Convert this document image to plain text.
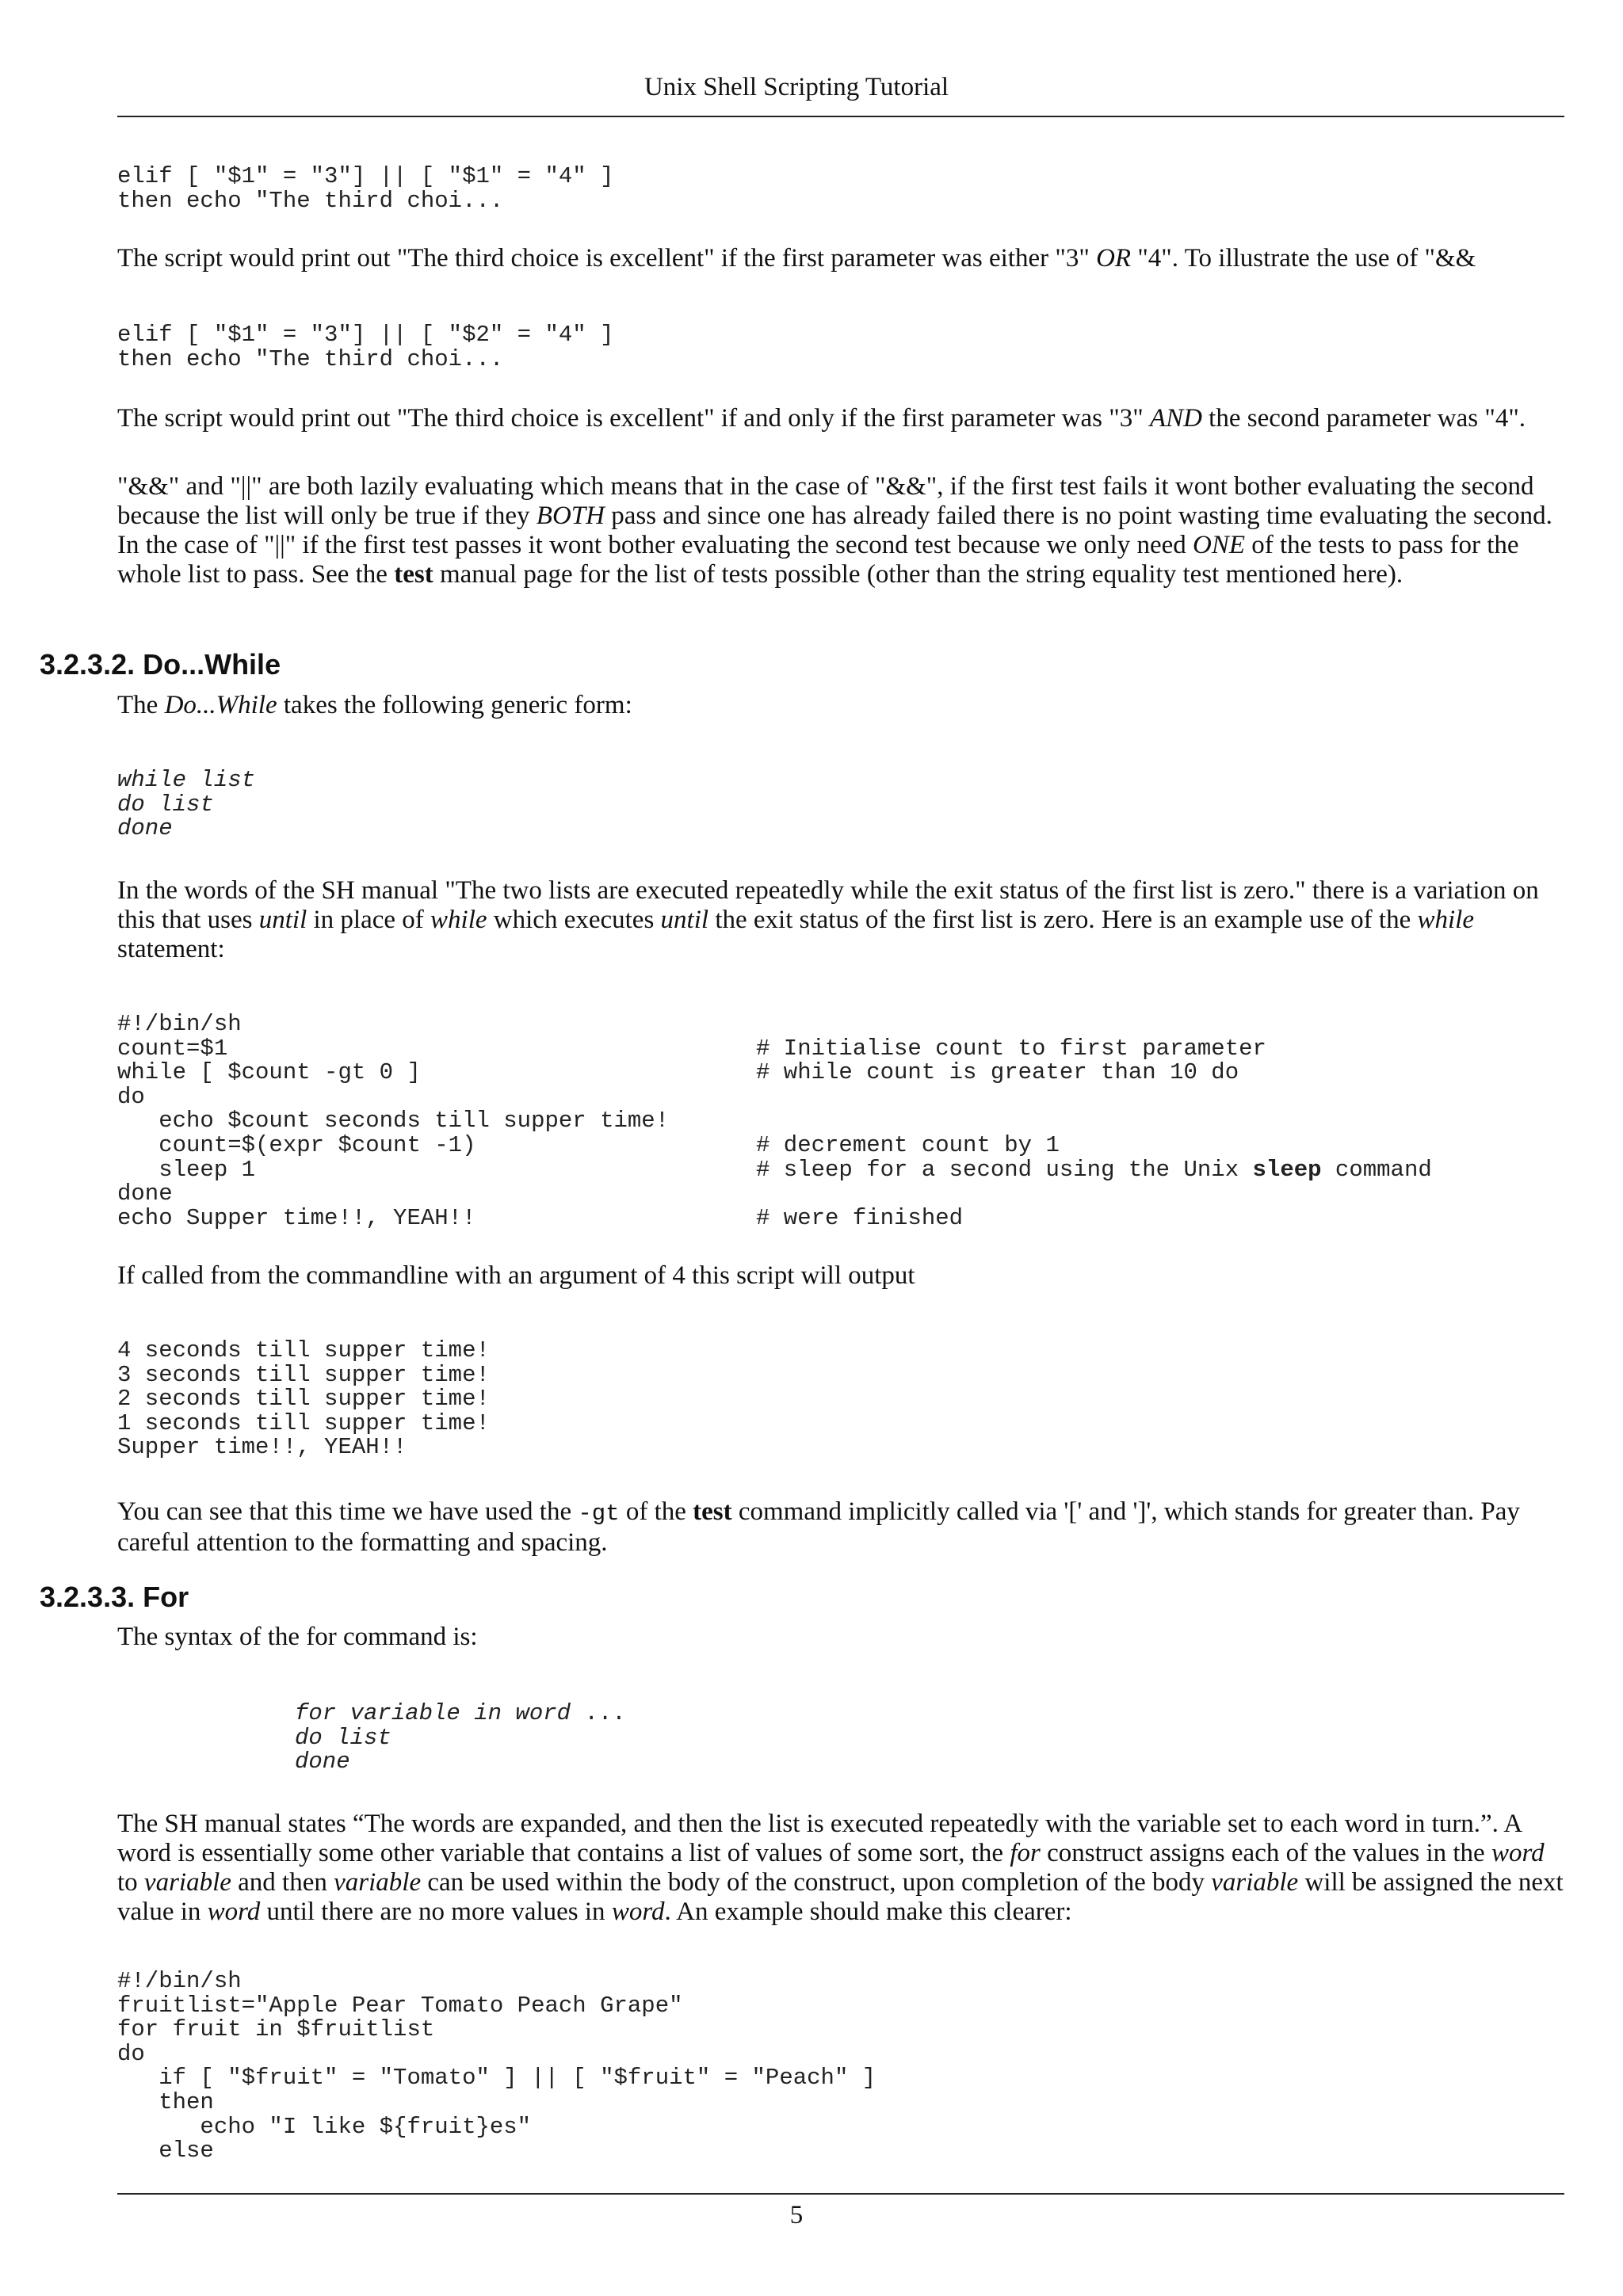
Unix Shell Scripting Tutorial
elif [ "$1" = "3"] || [ "$1" = "4" ]
then echo "The third choi...
The script would print out "The third choice is excellent" if the first parameter was either "3" OR "4". To illustrate the use of "&&
elif [ "$1" = "3"] || [ "$2" = "4" ]
then echo "The third choi...
The script would print out "The third choice is excellent" if and only if the first parameter was "3" AND the second parameter was "4".
"&&" and "||" are both lazily evaluating which means that in the case of "&&", if the first test fails it wont bother evaluating the second because the list will only be true if they BOTH pass and since one has already failed there is no point wasting time evaluating the second. In the case of "||" if the first test passes it wont bother evaluating the second test because we only need ONE of the tests to pass for the whole list to pass. See the test manual page for the list of tests possible (other than the string equality test mentioned here).
3.2.3.2. Do...While
The Do...While takes the following generic form:
while list
do list
done
In the words of the SH manual "The two lists are executed repeatedly while the exit status of the first list is zero." there is a variation on this that uses until in place of while which executes until the exit status of the first list is zero. Here is an example use of the while statement:
#!/bin/sh
count=$1	# Initialise count to first parameter
while [ $count -gt 0 ]	# while count is greater than 10 do
do
echo $count seconds till supper time!
count=$(expr $count -1)	# decrement count by 1
sleep 1	# sleep for a second using the Unix sleep command
done
echo Supper time!!, YEAH!!	# were finished
If called from the commandline with an argument of 4 this script will output
4 seconds till supper time!
3 seconds till supper time!
2 seconds till supper time!
1 seconds till supper time!
Supper time!!, YEAH!!
You can see that this time we have used the -gt of the test command implicitly called via '[' and ']', which stands for greater than. Pay careful attention to the formatting and spacing.
3.2.3.3. For
The syntax of the for command is:
for variable in word ...
do list
done
The SH manual states “The words are expanded, and then the list is executed repeatedly with the variable set to each word in turn.”. A word is essentially some other variable that contains a list of values of some sort, the for construct assigns each of the values in the word to variable and then variable can be used within the body of the construct, upon completion of the body variable will be assigned the next value in word until there are no more values in word. An example should make this clearer:
#!/bin/sh
fruitlist="Apple Pear Tomato Peach Grape"
for fruit in $fruitlist
do
if [ "$fruit" = "Tomato" ] || [ "$fruit" = "Peach" ]
then
echo "I like ${fruit}es"
else
5
